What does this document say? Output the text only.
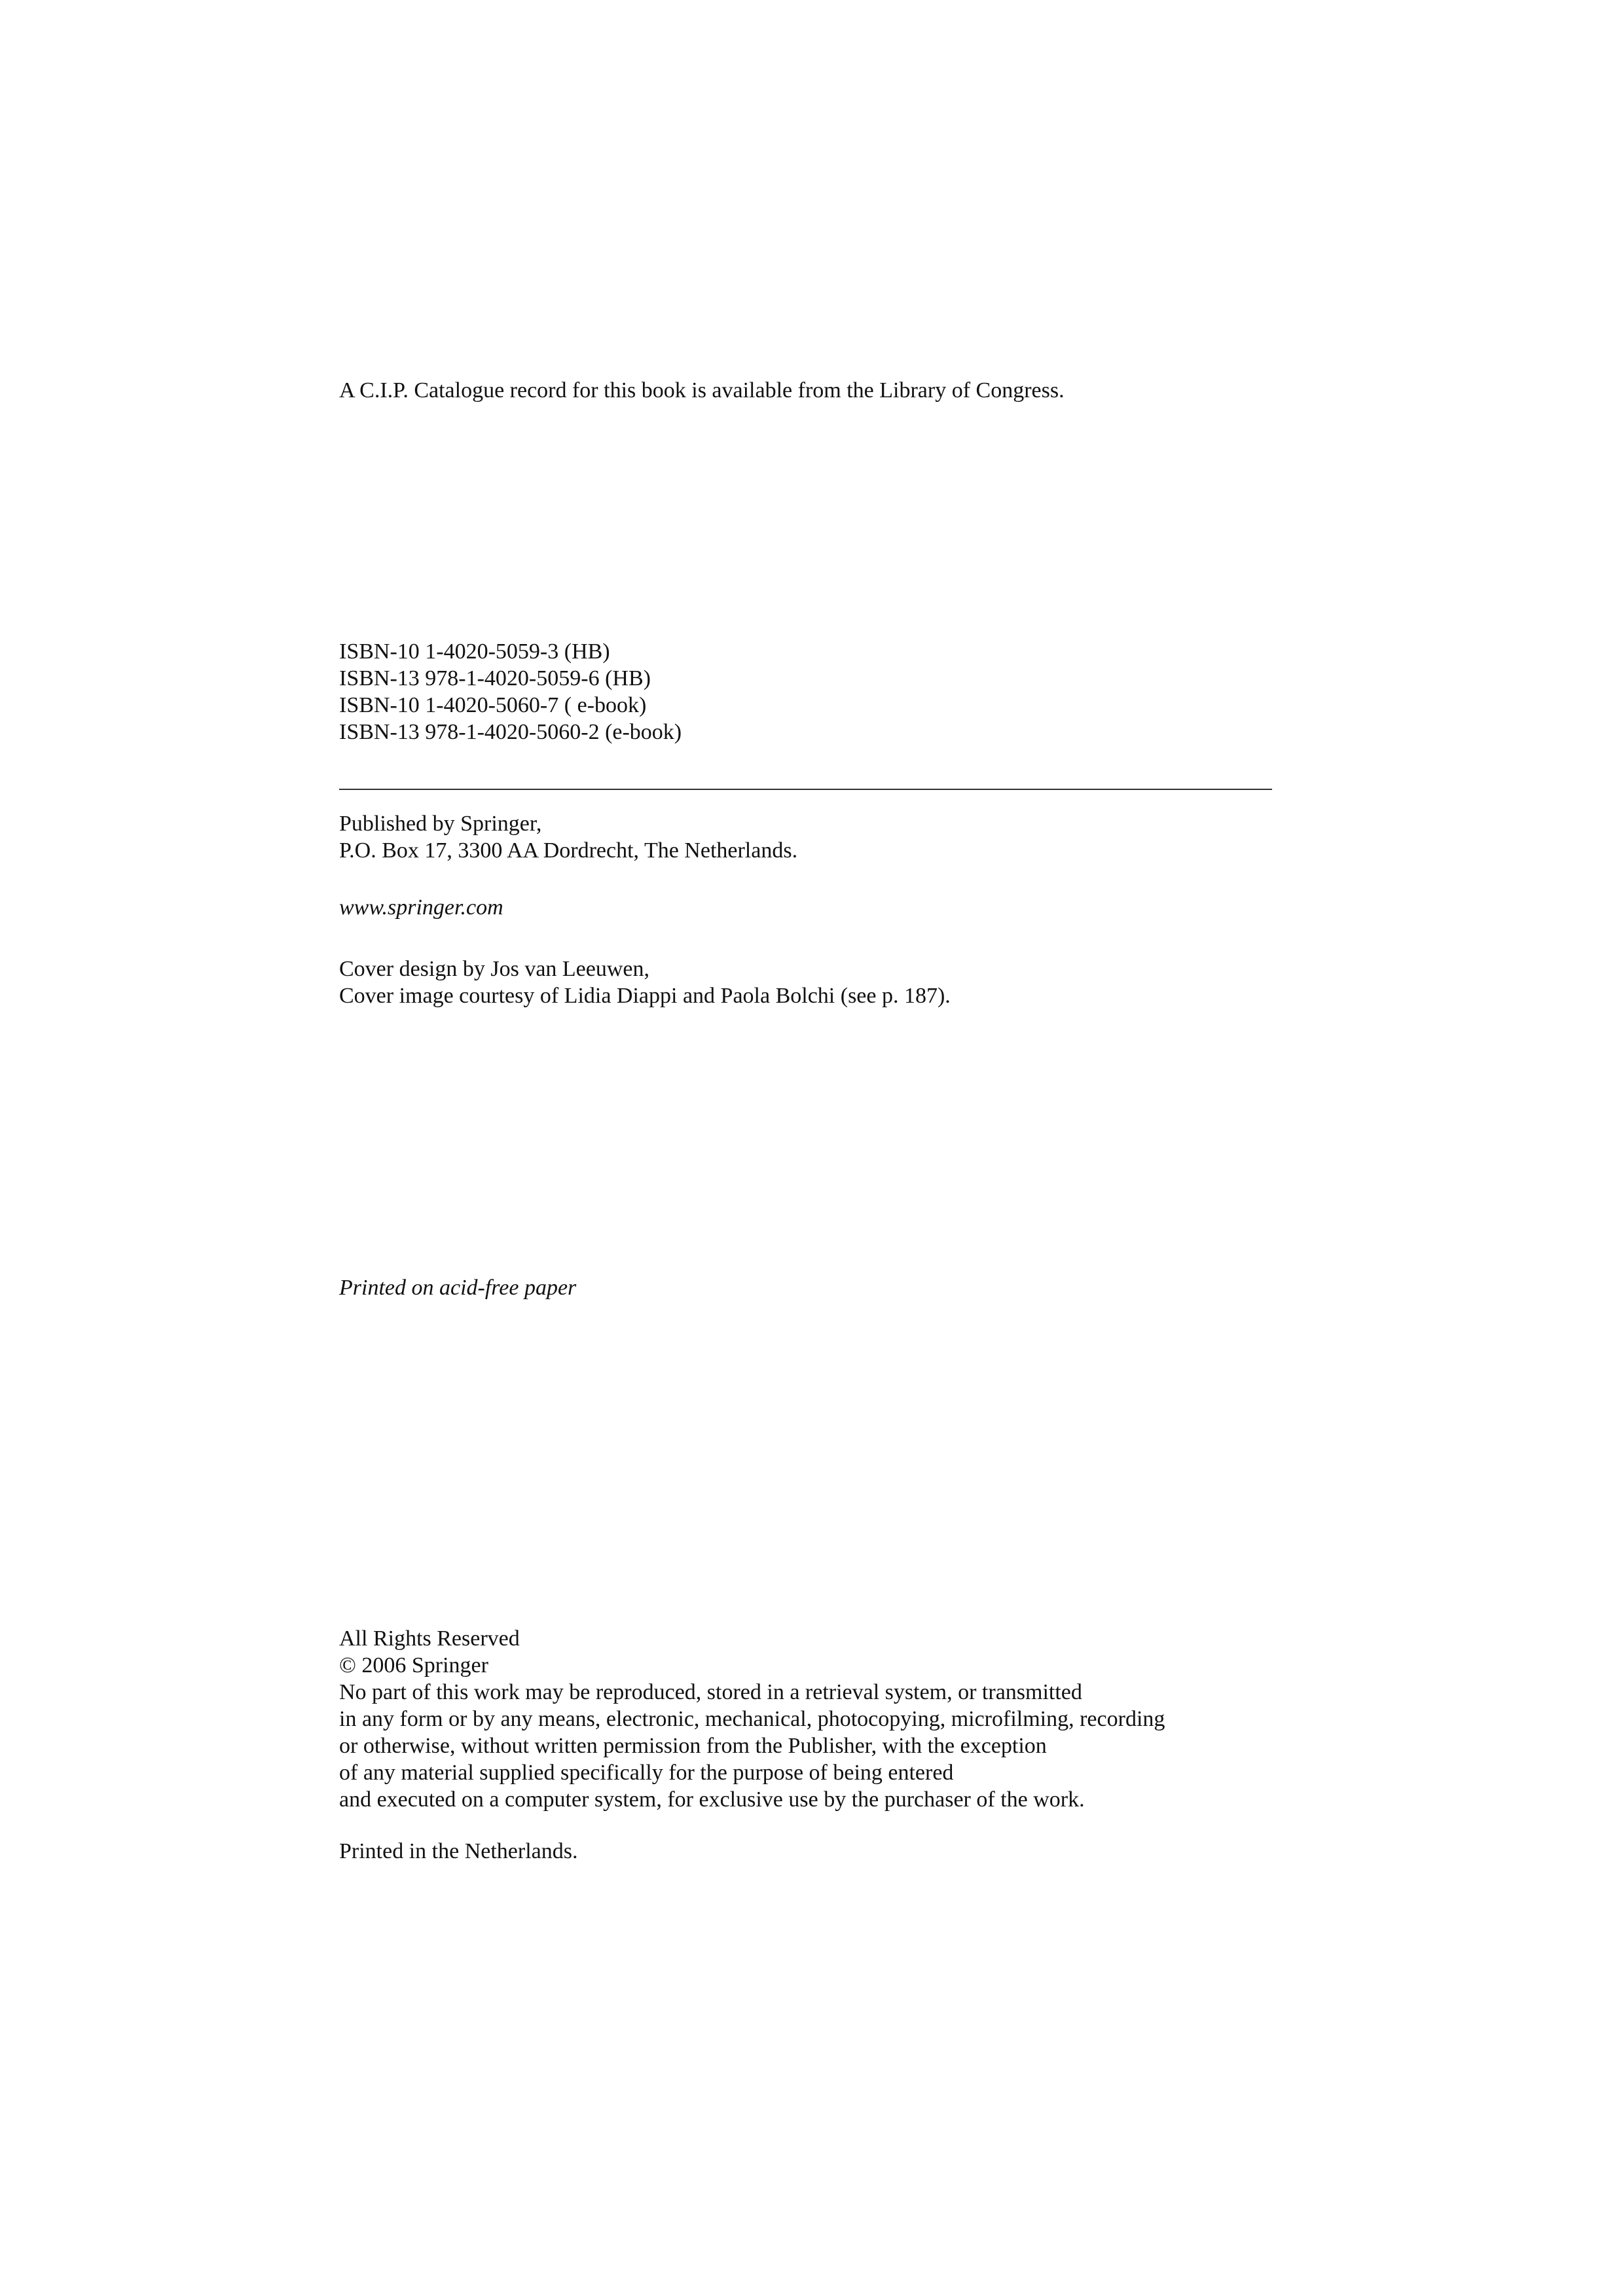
A C.I.P. Catalogue record for this book is available from the Library of Congress.
ISBN-10 1-4020-5059-3 (HB)
ISBN-13 978-1-4020-5059-6 (HB)
ISBN-10 1-4020-5060-7 ( e-book)
ISBN-13 978-1-4020-5060-2 (e-book)
Published by Springer,
P.O. Box 17, 3300 AA Dordrecht, The Netherlands.
www.springer.com
Cover design by Jos van Leeuwen,
Cover image courtesy of Lidia Diappi and Paola Bolchi (see p. 187).
Printed on acid-free paper
All Rights Reserved
© 2006 Springer
No part of this work may be reproduced, stored in a retrieval system, or transmitted
in any form or by any means, electronic, mechanical, photocopying, microfilming, recording
or otherwise, without written permission from the Publisher, with the exception
of any material supplied specifically for the purpose of being entered
and executed on a computer system, for exclusive use by the purchaser of the work.
Printed in the Netherlands.
